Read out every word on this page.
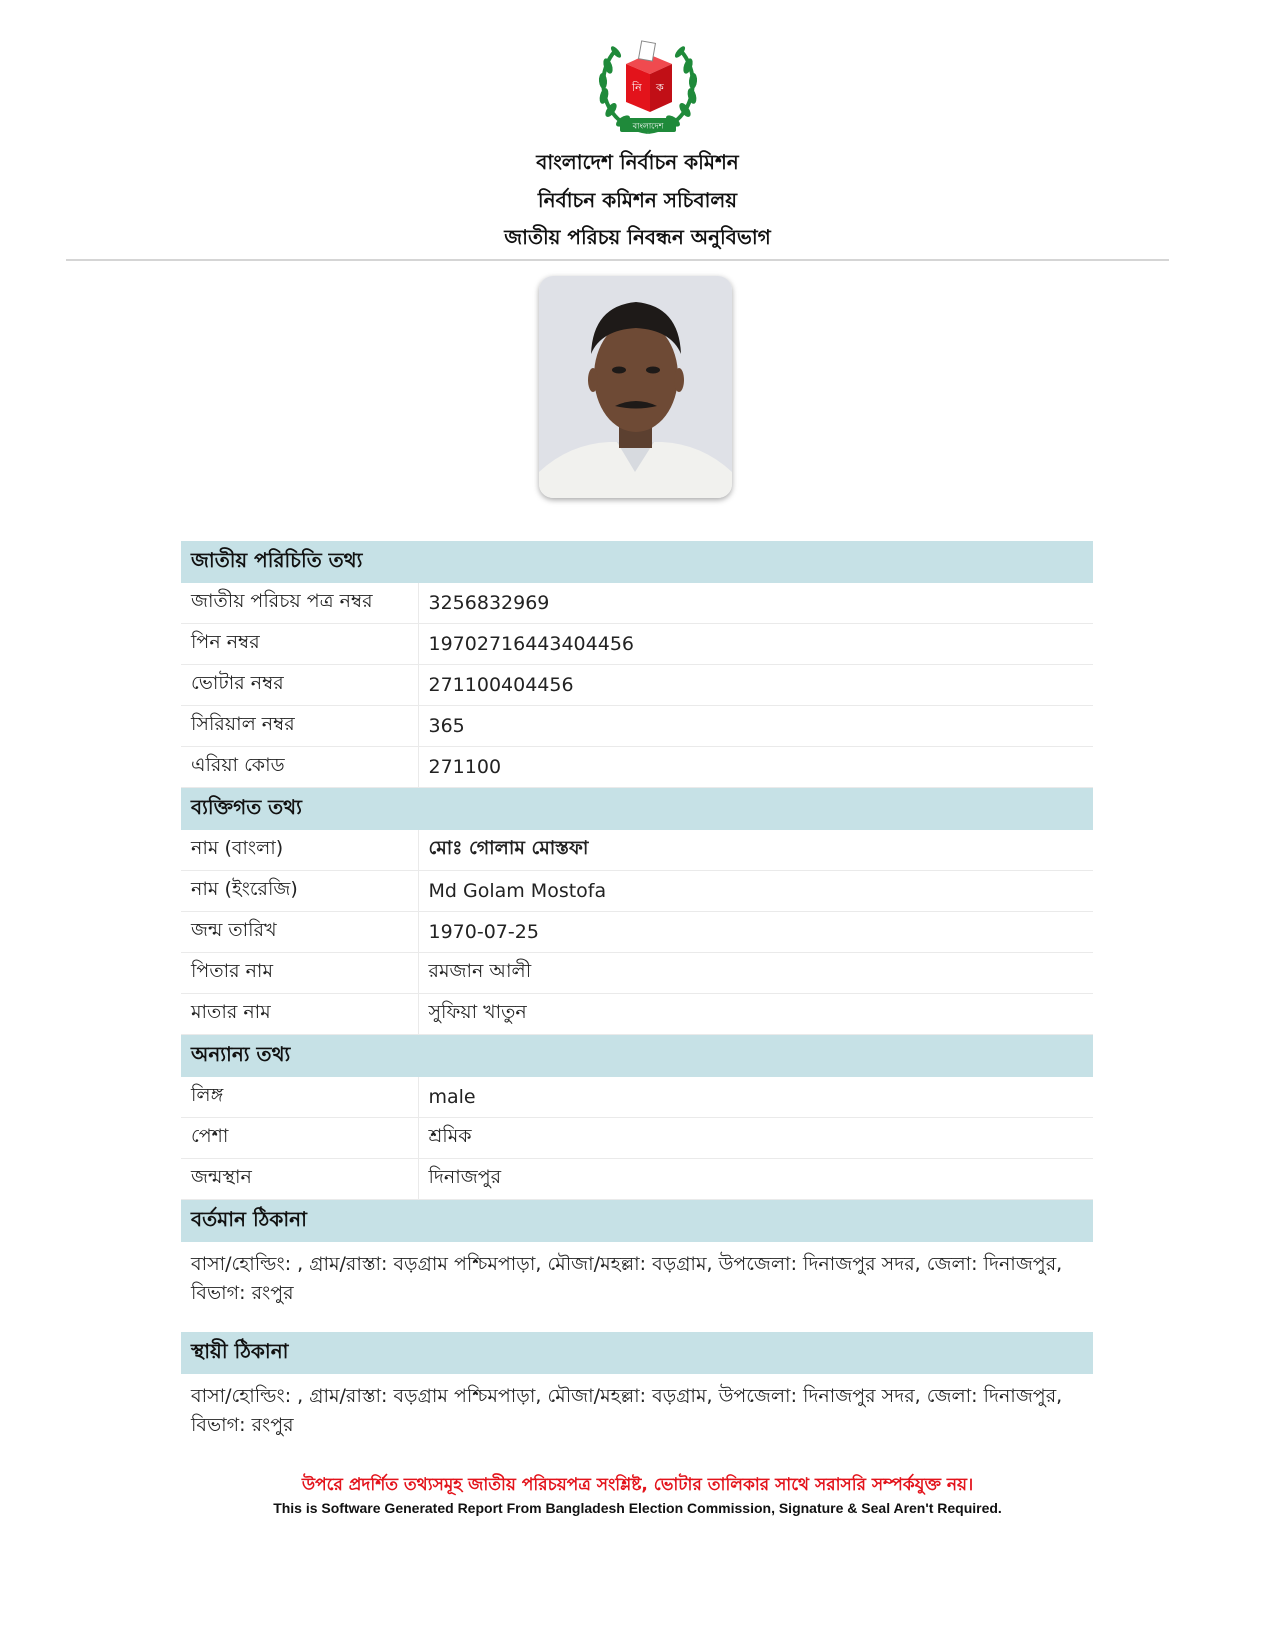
নি ক
বাংলাদেশ
বাংলাদেশ নির্বাচন কমিশন
নির্বাচন কমিশন সচিবালয়
জাতীয় পরিচয় নিবন্ধন অনুবিভাগ
জাতীয় পরিচিতি তথ্য	
জাতীয় পরিচয় পত্র নম্বর	3256832969
পিন নম্বর	19702716443404456
ভোটার নম্বর	271100404456
সিরিয়াল নম্বর	365
এরিয়া কোড	271100
ব্যক্তিগত তথ্য	
নাম (বাংলা)	মোঃ গোলাম মোস্তফা
নাম (ইংরেজি)	Md Golam Mostofa
জন্ম তারিখ	1970-07-25
পিতার নাম	রমজান আলী
মাতার নাম	সুফিয়া খাতুন
অন্যান্য তথ্য	
লিঙ্গ	male
পেশা	শ্রমিক
জন্মস্থান	দিনাজপুর
বর্তমান ঠিকানা	
বাসা/হোল্ডিং: , গ্রাম/রাস্তা: বড়গ্রাম পশ্চিমপাড়া, মৌজা/মহল্লা: বড়গ্রাম, উপজেলা: দিনাজপুর সদর, জেলা: দিনাজপুর, বিভাগ: রংপুর	
স্থায়ী ঠিকানা	
বাসা/হোল্ডিং: , গ্রাম/রাস্তা: বড়গ্রাম পশ্চিমপাড়া, মৌজা/মহল্লা: বড়গ্রাম, উপজেলা: দিনাজপুর সদর, জেলা: দিনাজপুর, বিভাগ: রংপুর	
উপরে প্রদর্শিত তথ্যসমূহ জাতীয় পরিচয়পত্র সংশ্লিষ্ট, ভোটার তালিকার সাথে সরাসরি সম্পর্কযুক্ত নয়।
This is Software Generated Report From Bangladesh Election Commission, Signature & Seal Aren't Required.
